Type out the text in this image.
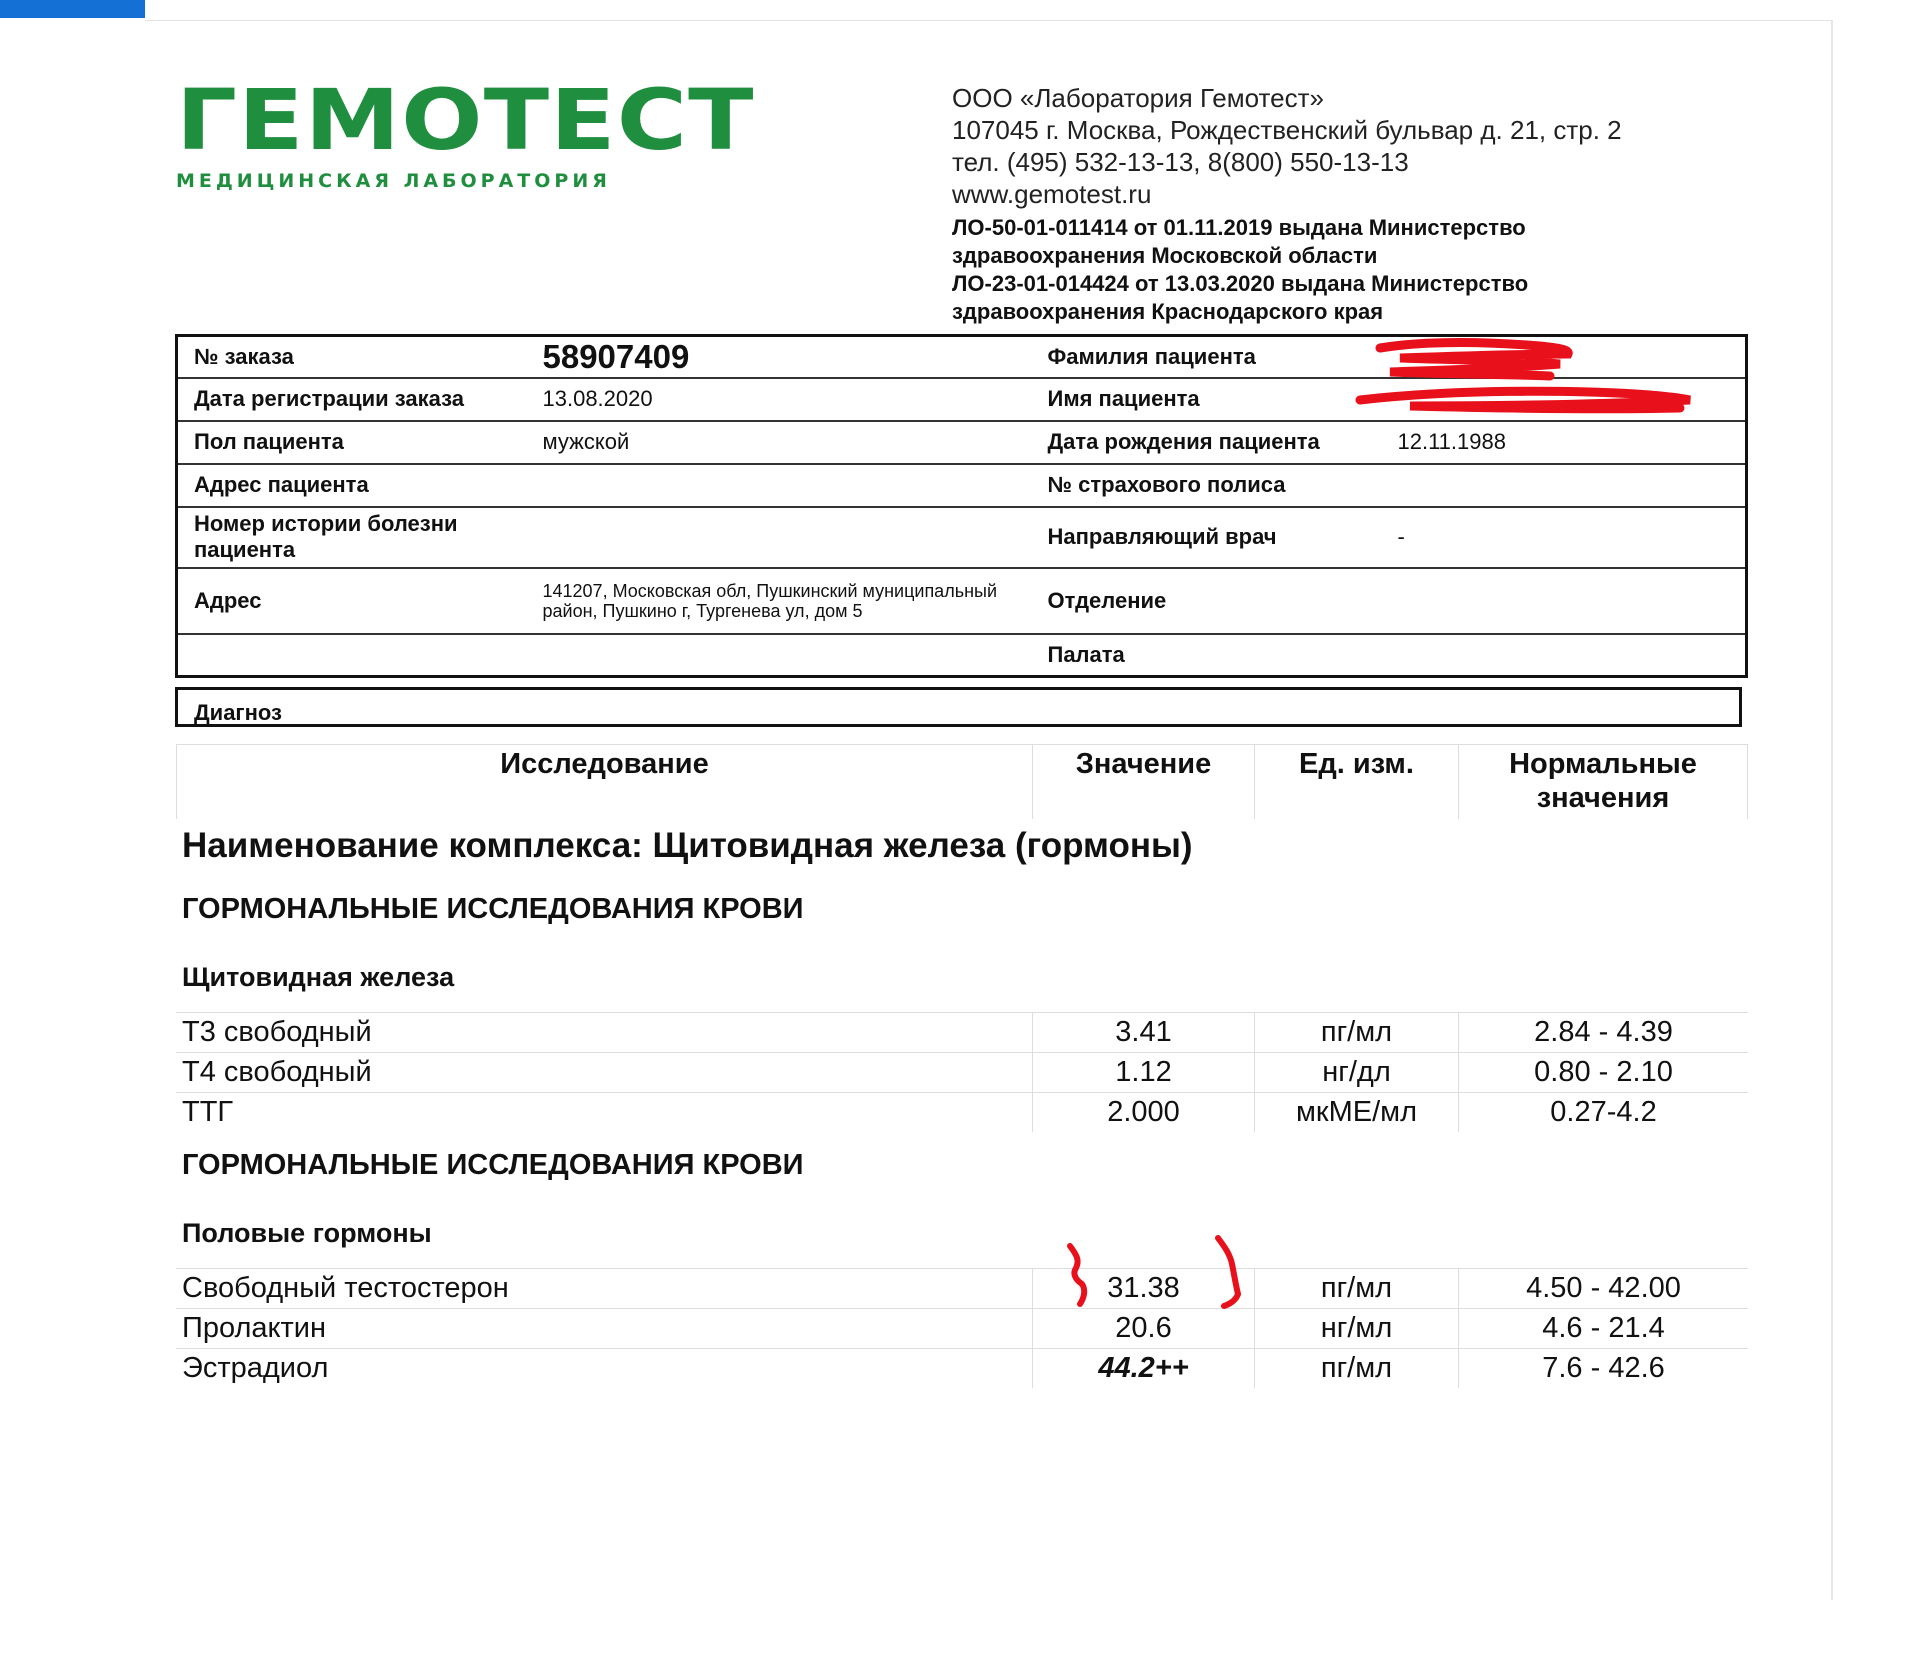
ГЕМОТЕСТ
МЕДИЦИНСКАЯ ЛАБОРАТОРИЯ
ООО «Лаборатория Гемотест»
107045 г. Москва, Рождественский бульвар д. 21, стр. 2
тел. (495) 532-13-13, 8(800) 550-13-13
www.gemotest.ru
ЛО-50-01-011414 от 01.11.2019 выдана Министерство
здравоохранения Московской области
ЛО-23-01-014424 от 13.03.2020 выдана Министерство
здравоохранения Краснодарского края
№ заказа	58907409	Фамилия пациента	
Дата регистрации заказа	13.08.2020	Имя пациента	
Пол пациента	мужской	Дата рождения пациента	12.11.1988
Адрес пациента		№ страхового полиса	
Номер истории болезни пациента		Направляющий врач	-
Адрес	141207, Московская обл, Пушкинский муниципальный район, Пушкино г, Тургенева ул, дом 5	Отделение	
		Палата	
Диагноз
Исследование	Значение	Ед. изм.	Нормальные значения
Наименование комплекса: Щитовидная железа (гормоны)
ГОРМОНАЛЬНЫЕ ИССЛЕДОВАНИЯ КРОВИ
Щитовидная железа
Т3 свободный	3.41	пг/мл	2.84 - 4.39
Т4 свободный	1.12	нг/дл	0.80 - 2.10
ТТГ	2.000	мкМЕ/мл	0.27-4.2
ГОРМОНАЛЬНЫЕ ИССЛЕДОВАНИЯ КРОВИ
Половые гормоны
Свободный тестостерон	31.38	пг/мл	4.50 - 42.00
Пролактин	20.6	нг/мл	4.6 - 21.4
Эстрадиол	44.2++	пг/мл	7.6 - 42.6
